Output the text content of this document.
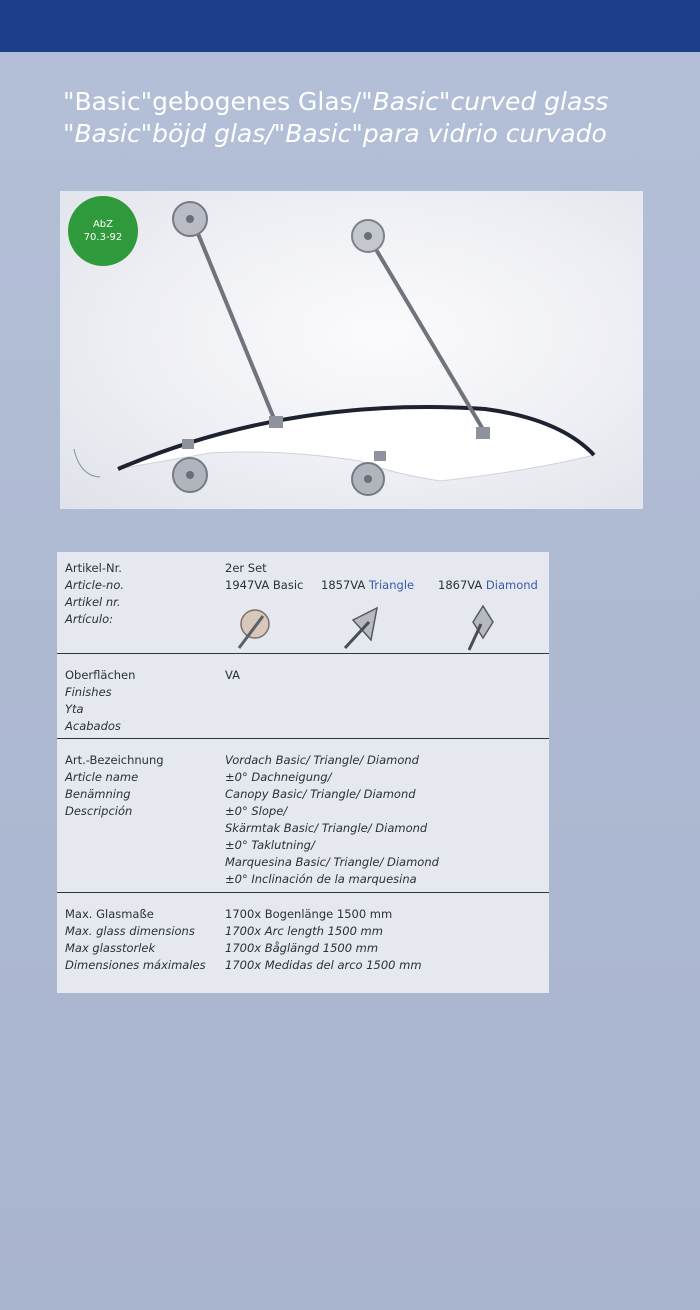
"Basic"gebogenes Glas/"Basic"curved glass
"Basic"böjd glas/"Basic"para vidrio curvado
AbZ
70.3-92
Artikel-Nr.
Article-no.
Artikel nr.
Artículo:
2er Set
1947VA Basic 1857VA Triangle 1867VA Diamond
Oberflächen
Finishes
Yta
Acabados
VA
Art.-Bezeichnung
Article name
Benämning
Descripción
Vordach Basic/ Triangle/ Diamond
±0° Dachneigung/
Canopy Basic/ Triangle/ Diamond
±0° Slope/
Skärmtak Basic/ Triangle/ Diamond
±0° Taklutning/
Marquesina Basic/ Triangle/ Diamond
±0° Inclinación de la marquesina
Max. Glasmaße
Max. glass dimensions
Max glasstorlek
Dimensiones máximales
1700x Bogenlänge 1500 mm
1700x Arc length 1500 mm
1700x Båglängd 1500 mm
1700x Medidas del arco 1500 mm
